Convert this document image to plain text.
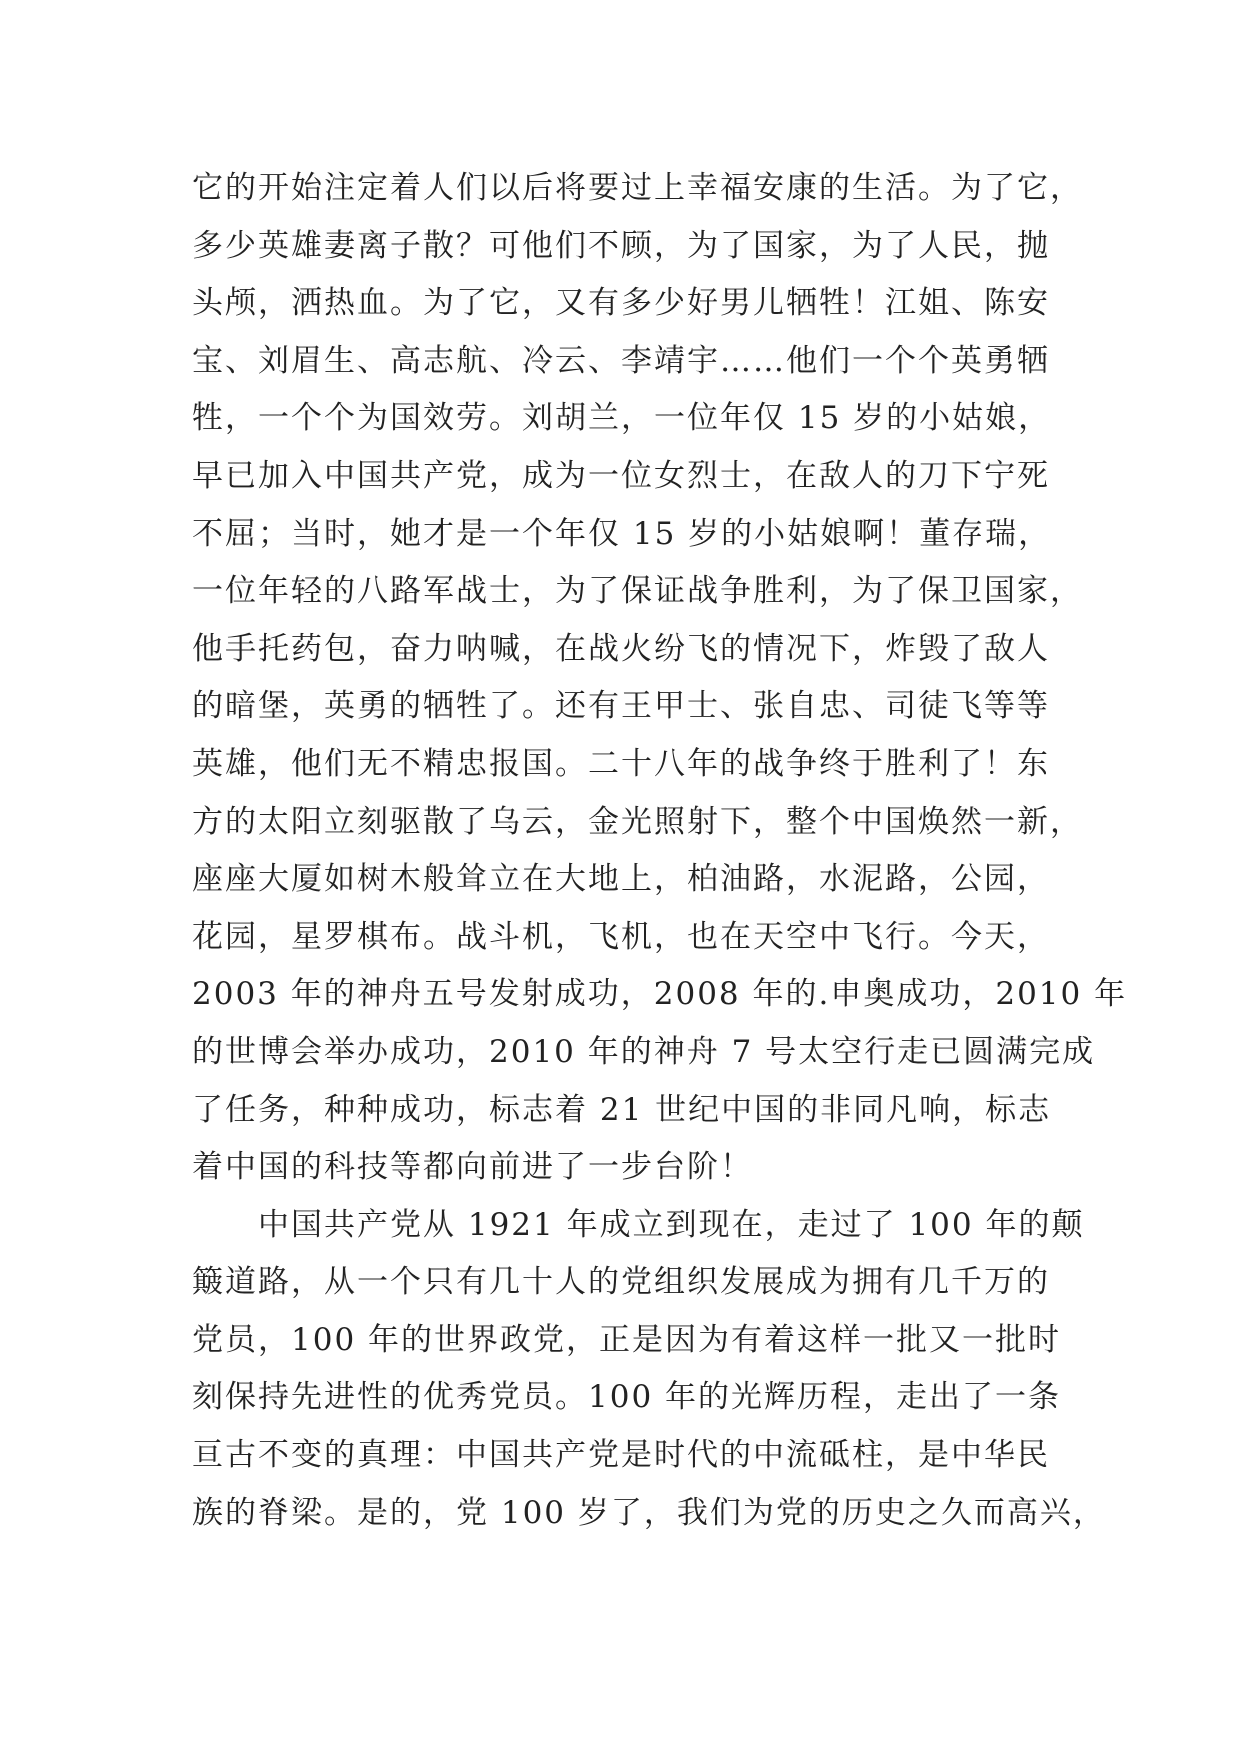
它的开始注定着人们以后将要过上幸福安康的生活。为了它，
多少英雄妻离子散？可他们不顾，为了国家，为了人民，抛
头颅，洒热血。为了它，又有多少好男儿牺牲！江姐、陈安
宝、刘眉生、高志航、冷云、李靖宇……他们一个个英勇牺
牲，一个个为国效劳。刘胡兰，一位年仅 15 岁的小姑娘，
早已加入中国共产党，成为一位女烈士，在敌人的刀下宁死
不屈；当时，她才是一个年仅 15 岁的小姑娘啊！董存瑞，
一位年轻的八路军战士，为了保证战争胜利，为了保卫国家，
他手托药包，奋力呐喊，在战火纷飞的情况下，炸毁了敌人
的暗堡，英勇的牺牲了。还有王甲士、张自忠、司徒飞等等
英雄，他们无不精忠报国。二十八年的战争终于胜利了！东
方的太阳立刻驱散了乌云，金光照射下，整个中国焕然一新，
座座大厦如树木般耸立在大地上，柏油路，水泥路，公园，
花园，星罗棋布。战斗机，飞机，也在天空中飞行。今天，
2003 年的神舟五号发射成功，2008 年的.申奥成功，2010 年
的世博会举办成功，2010 年的神舟 7 号太空行走已圆满完成
了任务，种种成功，标志着 21 世纪中国的非同凡响，标志
着中国的科技等都向前进了一步台阶！
中国共产党从 1921 年成立到现在，走过了 100 年的颠
簸道路，从一个只有几十人的党组织发展成为拥有几千万的
党员，100 年的世界政党，正是因为有着这样一批又一批时
刻保持先进性的优秀党员。100 年的光辉历程，走出了一条
亘古不变的真理：中国共产党是时代的中流砥柱，是中华民
族的脊梁。是的，党 100 岁了，我们为党的历史之久而高兴，
